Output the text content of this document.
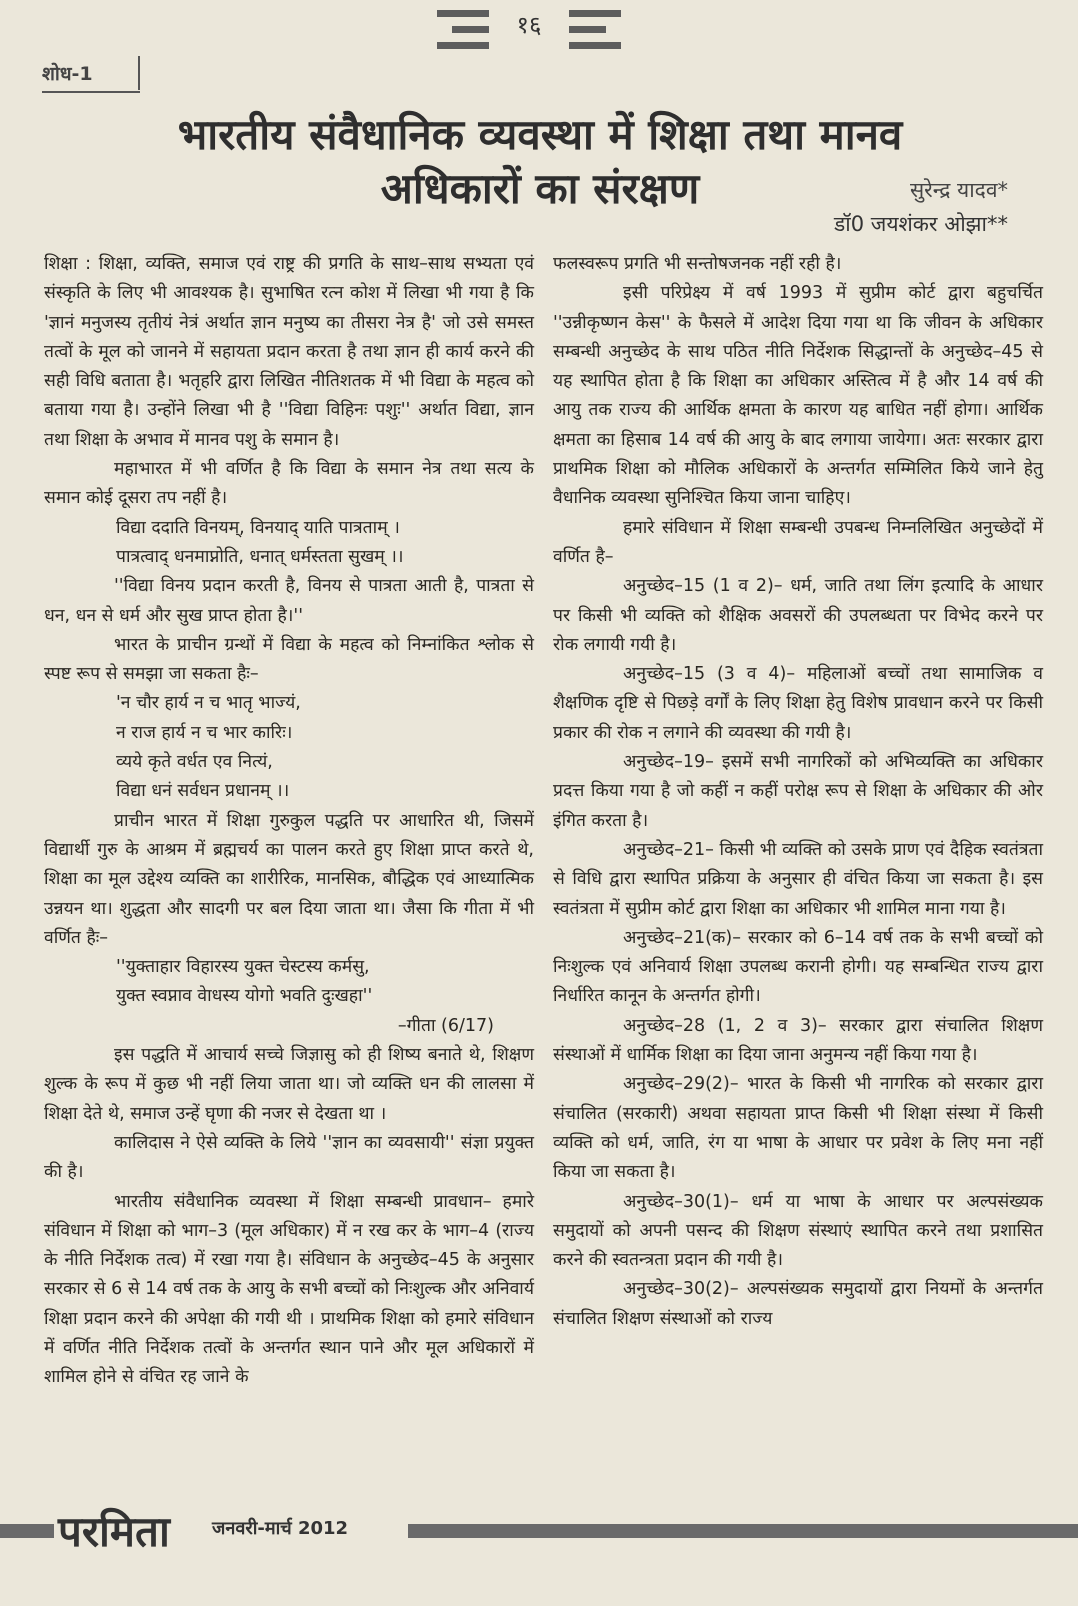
१६
शोध-1
भारतीय संवैधानिक व्यवस्था में शिक्षा तथा मानव
अधिकारों का संरक्षण	सुरेन्द्र यादव*
डॉ0 जयशंकर ओझा**

शिक्षा : शिक्षा, व्यक्ति, समाज एवं राष्ट्र की प्रगति के साथ–साथ सभ्यता एवं संस्कृति के लिए भी आवश्यक है। सुभाषित रत्न कोश में लिखा भी गया है कि 'ज्ञानं मनुजस्य तृतीयं नेत्रं अर्थात ज्ञान मनुष्य का तीसरा नेत्र है' जो उसे समस्त तत्वों के मूल को जानने में सहायता प्रदान करता है तथा ज्ञान ही कार्य करने की सही विधि बताता है। भतृहरि द्वारा लिखित नीतिशतक में भी विद्या के महत्व को बताया गया है। उन्होंने लिखा भी है ''विद्या विहिनः पशुः'' अर्थात विद्या, ज्ञान तथा शिक्षा के अभाव में मानव पशु के समान है।

महाभारत में भी वर्णित है कि विद्या के समान नेत्र तथा सत्य के समान कोई दूसरा तप नहीं है।

विद्या ददाति विनयम्, विनयाद् याति पात्रताम् ।

पात्रत्वाद् धनमाप्नोति, धनात् धर्मस्तता सुखम् ।।

''विद्या विनय प्रदान करती है, विनय से पात्रता आती है, पात्रता से धन, धन से धर्म और सुख प्राप्त होता है।''

भारत के प्राचीन ग्रन्थों में विद्या के महत्व को निम्नांकित श्लोक से स्पष्ट रूप से समझा जा सकता हैः–

'न चौर हार्य न च भातृ भाज्यं,

न राज हार्य न च भार कारिः।

व्यये कृते वर्धत एव नित्यं,

विद्या धनं सर्वधन प्रधानम् ।।

प्राचीन भारत में शिक्षा गुरुकुल पद्धति पर आधारित थी, जिसमें विद्यार्थी गुरु के आश्रम में ब्रह्मचर्य का पालन करते हुए शिक्षा प्राप्त करते थे, शिक्षा का मूल उद्देश्य व्यक्ति का शारीरिक, मानसिक, बौद्धिक एवं आध्यात्मिक उन्नयन था। शुद्धता और सादगी पर बल दिया जाता था। जैसा कि गीता में भी वर्णित हैः–

''युक्ताहार विहारस्य युक्त चेस्टस्य कर्मसु,

युक्त स्वप्नाव वेाधस्य योगो भवति दुःखहा''

–गीता (6/17)

इस पद्धति में आचार्य सच्चे जिज्ञासु को ही शिष्य बनाते थे, शिक्षण शुल्क के रूप में कुछ भी नहीं लिया जाता था। जो व्यक्ति धन की लालसा में शिक्षा देते थे, समाज उन्हें घृणा की नजर से देखता था ।

कालिदास ने ऐसे व्यक्ति के लिये ''ज्ञान का व्यवसायी'' संज्ञा प्रयुक्त की है।

भारतीय संवैधानिक व्यवस्था में शिक्षा सम्बन्धी प्रावधान– हमारे संविधान में शिक्षा को भाग–3 (मूल अधिकार) में न रख कर के भाग–4 (राज्य के नीति निर्देशक तत्व) में रखा गया है। संविधान के अनुच्छेद–45 के अनुसार सरकार से 6 से 14 वर्ष तक के आयु के सभी बच्चों को निःशुल्क और अनिवार्य शिक्षा प्रदान करने की अपेक्षा की गयी थी । प्राथमिक शिक्षा को हमारे संविधान में वर्णित नीति निर्देशक तत्वों के अन्तर्गत स्थान पाने और मूल अधिकारों में शामिल होने से वंचित रह जाने के

फलस्वरूप प्रगति भी सन्तोषजनक नहीं रही है।

इसी परिप्रेक्ष्य में वर्ष 1993 में सुप्रीम कोर्ट द्वारा बहुचर्चित ''उन्नीकृष्णन केस'' के फैसले में आदेश दिया गया था कि जीवन के अधिकार सम्बन्धी अनुच्छेद के साथ पठित नीति निर्देशक सिद्धान्तों के अनुच्छेद–45 से यह स्थापित होता है कि शिक्षा का अधिकार अस्तित्व में है और 14 वर्ष की आयु तक राज्य की आर्थिक क्षमता के कारण यह बाधित नहीं होगा। आर्थिक क्षमता का हिसाब 14 वर्ष की आयु के बाद लगाया जायेगा। अतः सरकार द्वारा प्राथमिक शिक्षा को मौलिक अधिकारों के अन्तर्गत सम्मिलित किये जाने हेतु वैधानिक व्यवस्था सुनिश्चित किया जाना चाहिए।

हमारे संविधान में शिक्षा सम्बन्धी उपबन्ध निम्नलिखित अनुच्छेदों में वर्णित है–

अनुच्छेद–15 (1 व 2)– धर्म, जाति तथा लिंग इत्यादि के आधार पर किसी भी व्यक्ति को शैक्षिक अवसरों की उपलब्धता पर विभेद करने पर रोक लगायी गयी है।

अनुच्छेद–15 (3 व 4)– महिलाओं बच्चों तथा सामाजिक व शैक्षणिक दृष्टि से पिछड़े वर्गों के लिए शिक्षा हेतु विशेष प्रावधान करने पर किसी प्रकार की रोक न लगाने की व्यवस्था की गयी है।

अनुच्छेद–19– इसमें सभी नागरिकों को अभिव्यक्ति का अधिकार प्रदत्त किया गया है जो कहीं न कहीं परोक्ष रूप से शिक्षा के अधिकार की ओर इंगित करता है।

अनुच्छेद–21– किसी भी व्यक्ति को उसके प्राण एवं दैहिक स्वतंत्रता से विधि द्वारा स्थापित प्रक्रिया के अनुसार ही वंचित किया जा सकता है। इस स्वतंत्रता में सुप्रीम कोर्ट द्वारा शिक्षा का अधिकार भी शामिल माना गया है।

अनुच्छेद–21(क)– सरकार को 6–14 वर्ष तक के सभी बच्चों को निःशुल्क एवं अनिवार्य शिक्षा उपलब्ध करानी होगी। यह सम्बन्धित राज्य द्वारा निर्धारित कानून के अन्तर्गत होगी।

अनुच्छेद–28 (1, 2 व 3)– सरकार द्वारा संचालित शिक्षण संस्थाओं में धार्मिक शिक्षा का दिया जाना अनुमन्य नहीं किया गया है।

अनुच्छेद–29(2)– भारत के किसी भी नागरिक को सरकार द्वारा संचालित (सरकारी) अथवा सहायता प्राप्त किसी भी शिक्षा संस्था में किसी व्यक्ति को धर्म, जाति, रंग या भाषा के आधार पर प्रवेश के लिए मना नहीं किया जा सकता है।

अनुच्छेद–30(1)– धर्म या भाषा के आधार पर अल्पसंख्यक समुदायों को अपनी पसन्द की शिक्षण संस्थाएं स्थापित करने तथा प्रशासित करने की स्वतन्त्रता प्रदान की गयी है।

अनुच्छेद–30(2)– अल्पसंख्यक समुदायों द्वारा नियमों के अन्तर्गत संचालित शिक्षण संस्थाओं को राज्य

परमिता जनवरी-मार्च 2012
